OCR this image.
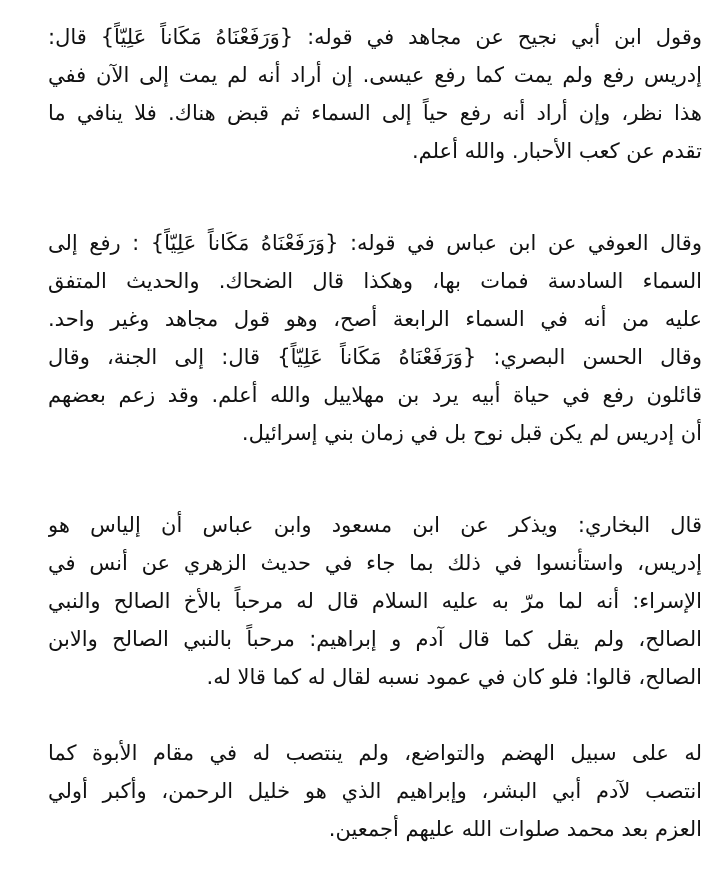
وقول ابن أبي نجيح عن مجاهد في قوله: {وَرَفَعْنَاهُ مَكَاناً عَلِيّاً} قال:
إدريس رفع ولم يمت كما رفع عيسى. إن أراد أنه لم يمت إلى الآن ففي
هذا نظر، وإن أراد أنه رفع حياً إلى السماء ثم قبض هناك. فلا ينافي ما
تقدم عن كعب الأحبار. والله أعلم.
وقال العوفي عن ابن عباس في قوله: {وَرَفَعْنَاهُ مَكَاناً عَلِيّاً} : رفع إلى
السماء السادسة فمات بها، وهكذا قال الضحاك. والحديث المتفق
عليه من أنه في السماء الرابعة أصح، وهو قول مجاهد وغير واحد.
وقال الحسن البصري: {وَرَفَعْنَاهُ مَكَاناً عَلِيّاً} قال: إلى الجنة، وقال
قائلون رفع في حياة أبيه يرد بن مهلاييل والله أعلم. وقد زعم بعضهم
أن إدريس لم يكن قبل نوح بل في زمان بني إسرائيل.
قال البخاري: ويذكر عن ابن مسعود وابن عباس أن إلياس هو
إدريس، واستأنسوا في ذلك بما جاء في حديث الزهري عن أنس في
الإسراء: أنه لما مرّ به عليه السلام قال له مرحباً بالأخ الصالح والنبي
الصالح، ولم يقل كما قال آدم و إبراهيم: مرحباً بالنبي الصالح والابن
الصالح، قالوا: فلو كان في عمود نسبه لقال له كما قالا له.
له على سبيل الهضم والتواضع، ولم ينتصب له في مقام الأبوة كما
انتصب لآدم أبي البشر، وإبراهيم الذي هو خليل الرحمن، وأكبر أولي
العزم بعد محمد صلوات الله عليهم أجمعين.
